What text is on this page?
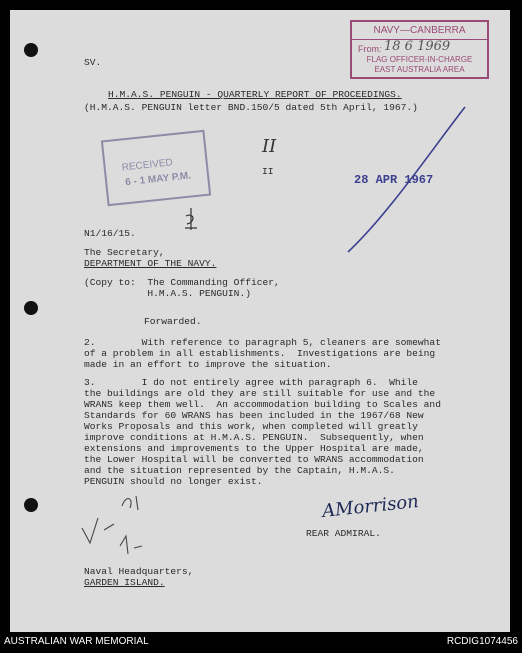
NAVY—CANBERRA
From: 18 6 1969
FLAG OFFICER-IN-CHARGE
EAST AUSTRALIA AREA
SV.
H.M.A.S. PENGUIN - QUARTERLY REPORT OF PROCEEDINGS.
(H.M.A.S. PENGUIN letter BND.150/5 dated 5th April, 1967.)
RECEIVED
6 - 1 MAY P.M.
II
II
28 APR 1967
N1/16/15.
The Secretary,
DEPARTMENT OF THE NAVY.
(Copy to:  The Commanding Officer,
H.M.A.S. PENGUIN.)
Forwarded.
2.        With reference to paragraph 5, cleaners are somewhat
of a problem in all establishments.  Investigations are being
made in an effort to improve the situation.
3.        I do not entirely agree with paragraph 6.  While
the buildings are old they are still suitable for use and the
WRANS keep them well.  An accommodation building to Scales and
Standards for 60 WRANS has been included in the 1967/68 New
Works Proposals and this work, when completed will greatly
improve conditions at H.M.A.S. PENGUIN.  Subsequently, when
extensions and improvements to the Upper Hospital are made,
the Lower Hospital will be converted to WRANS accommodation
and the situation represented by the Captain, H.M.A.S.
PENGUIN should no longer exist.
AMorrison
REAR ADMIRAL.
Naval Headquarters,
GARDEN ISLAND.
AUSTRALIAN WAR MEMORIAL	RCDIG1074456
